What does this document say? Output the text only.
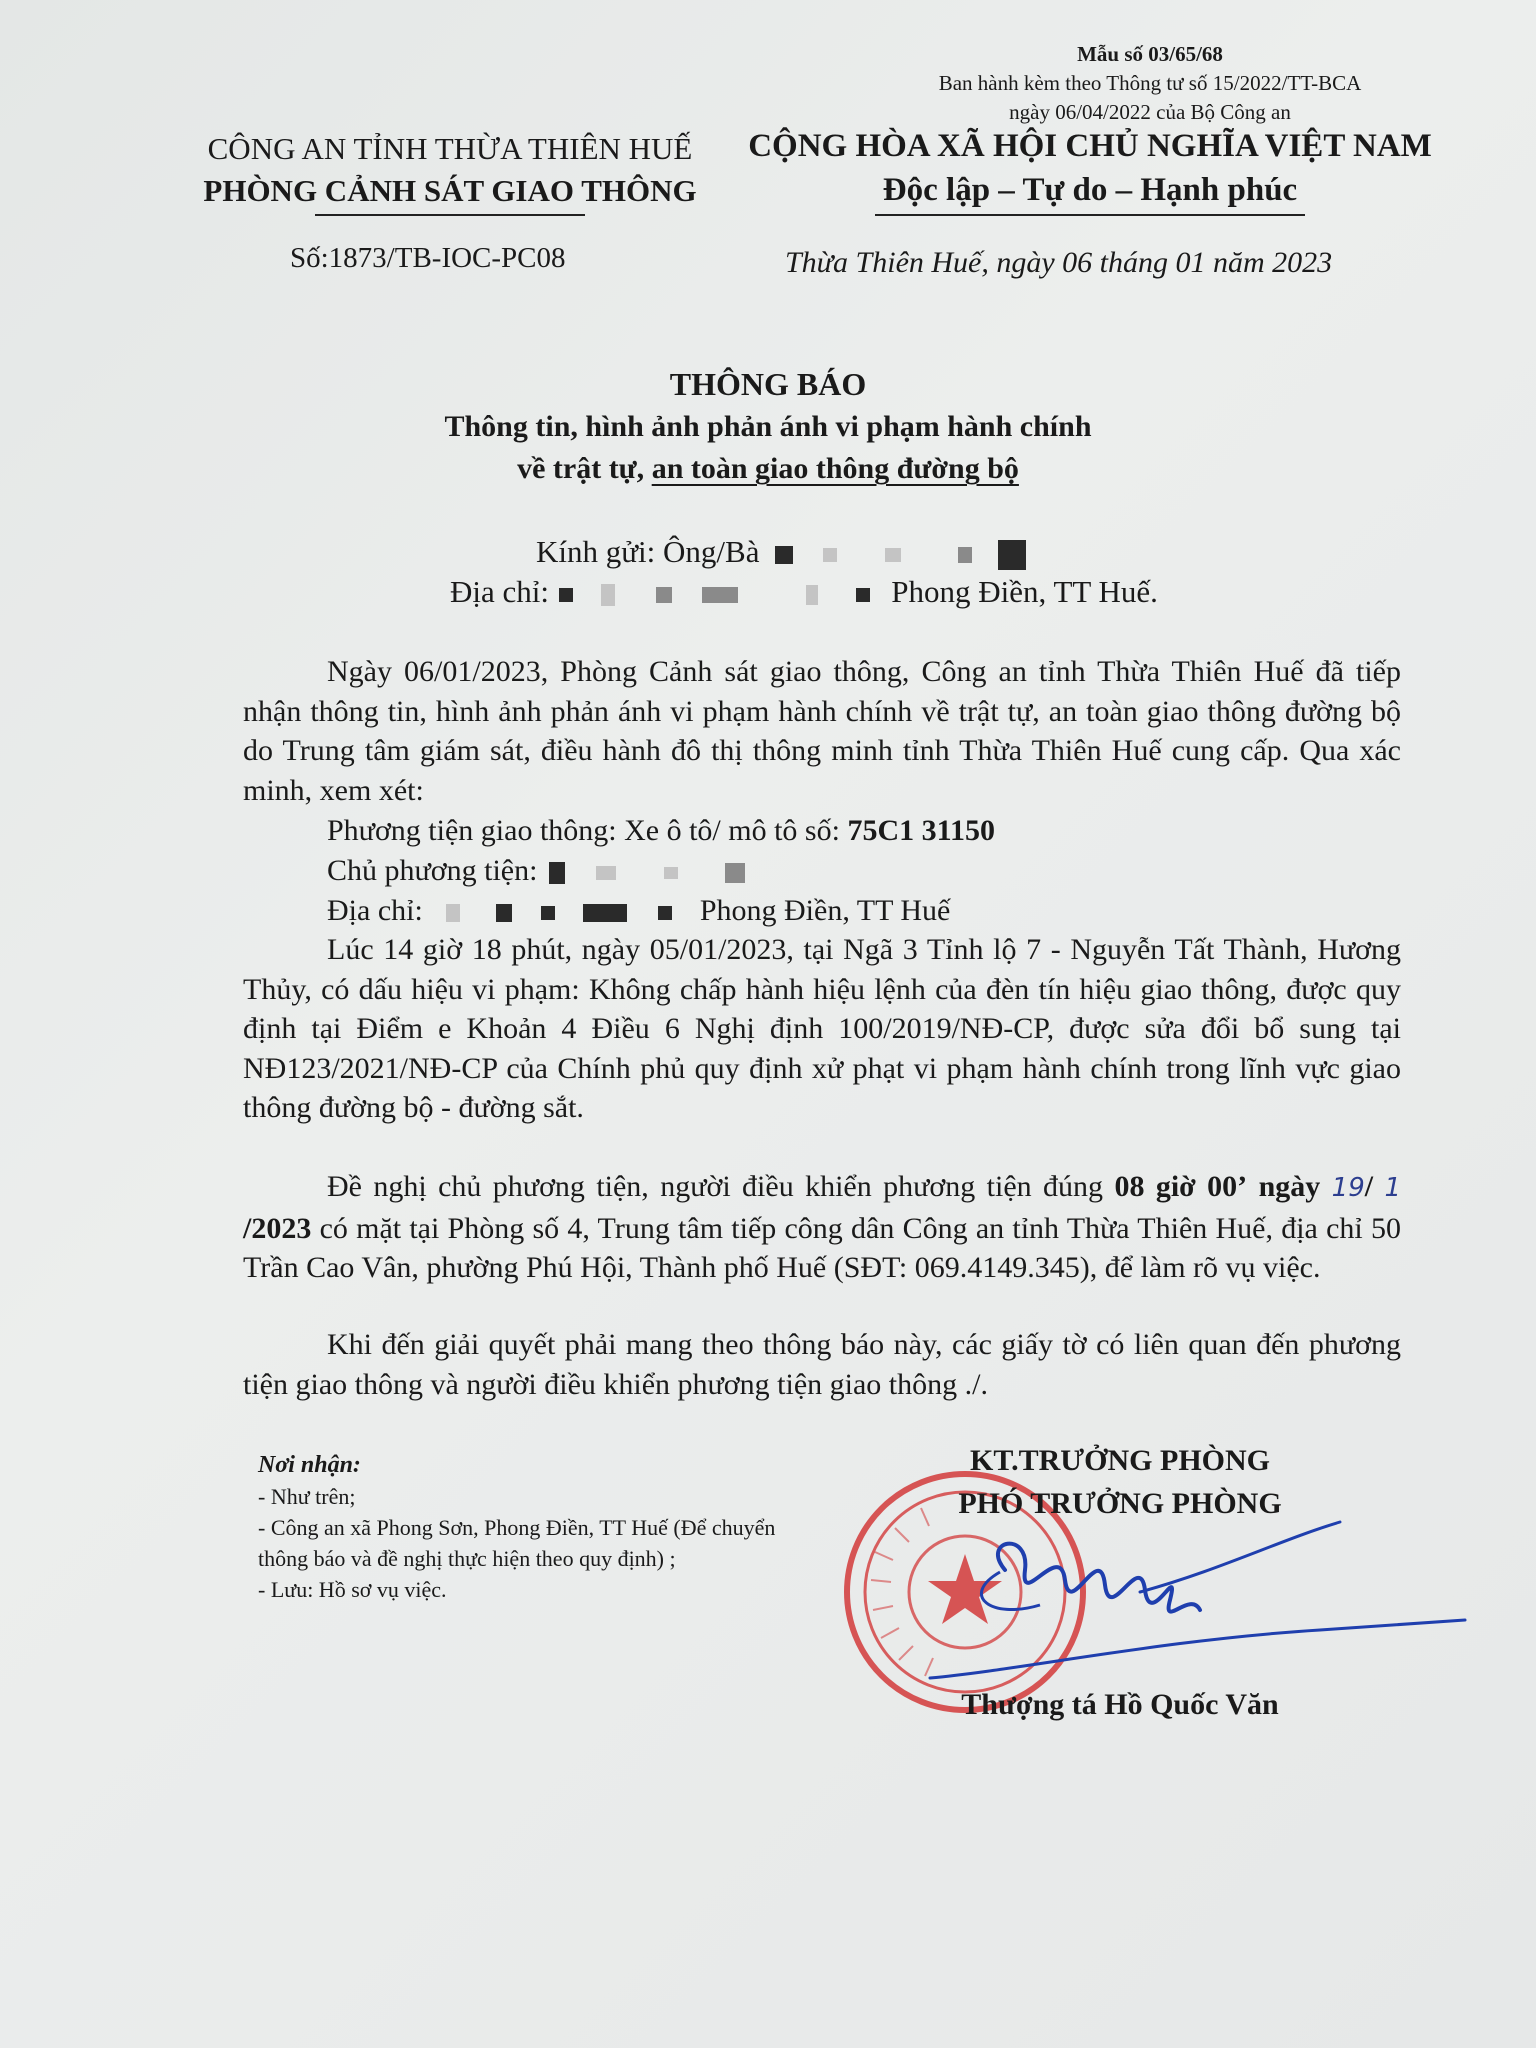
Mẫu số 03/65/68
Ban hành kèm theo Thông tư số 15/2022/TT-BCA
ngày 06/04/2022 của Bộ Công an
CÔNG AN TỈNH THỪA THIÊN HUẾ
PHÒNG CẢNH SÁT GIAO THÔNG
CỘNG HÒA XÃ HỘI CHỦ NGHĨA VIỆT NAM
Độc lập – Tự do – Hạnh phúc
Số:1873/TB-IOC-PC08	Thừa Thiên Huế, ngày 06 tháng 01 năm 2023
THÔNG BÁO
Thông tin, hình ảnh phản ánh vi phạm hành chính
về trật tự, an toàn giao thông đường bộ
Kính gửi: Ông/Bà
Địa chỉ:	Phong Điền, TT Huế.
Ngày 06/01/2023, Phòng Cảnh sát giao thông, Công an tỉnh Thừa Thiên Huế đã tiếp nhận thông tin, hình ảnh phản ánh vi phạm hành chính về trật tự, an toàn giao thông đường bộ do Trung tâm giám sát, điều hành đô thị thông minh tỉnh Thừa Thiên Huế cung cấp. Qua xác minh, xem xét:
Phương tiện giao thông: Xe ô tô/ mô tô số: 75C1 31150
Chủ phương tiện:
Địa chỉ:	Phong Điền, TT Huế
Lúc 14 giờ 18 phút, ngày 05/01/2023, tại Ngã 3 Tỉnh lộ 7 - Nguyễn Tất Thành, Hương Thủy, có dấu hiệu vi phạm: Không chấp hành hiệu lệnh của đèn tín hiệu giao thông, được quy định tại Điểm e Khoản 4 Điều 6 Nghị định 100/2019/NĐ-CP, được sửa đổi bổ sung tại NĐ123/2021/NĐ-CP của Chính phủ quy định xử phạt vi phạm hành chính trong lĩnh vực giao thông đường bộ - đường sắt.
Đề nghị chủ phương tiện, người điều khiển phương tiện đúng 08 giờ 00’ ngày 19/ 1 /2023 có mặt tại Phòng số 4, Trung tâm tiếp công dân Công an tỉnh Thừa Thiên Huế, địa chỉ 50 Trần Cao Vân, phường Phú Hội, Thành phố Huế (SĐT: 069.4149.345), để làm rõ vụ việc.
Khi đến giải quyết phải mang theo thông báo này, các giấy tờ có liên quan đến phương tiện giao thông và người điều khiển phương tiện giao thông ./.
Nơi nhận:
- Như trên;
- Công an xã Phong Sơn, Phong Điền, TT Huế (Để chuyển thông báo và đề nghị thực hiện theo quy định) ;
- Lưu: Hồ sơ vụ việc.
KT.TRƯỞNG PHÒNG
PHÓ TRƯỞNG PHÒNG
Thượng tá Hồ Quốc Văn
